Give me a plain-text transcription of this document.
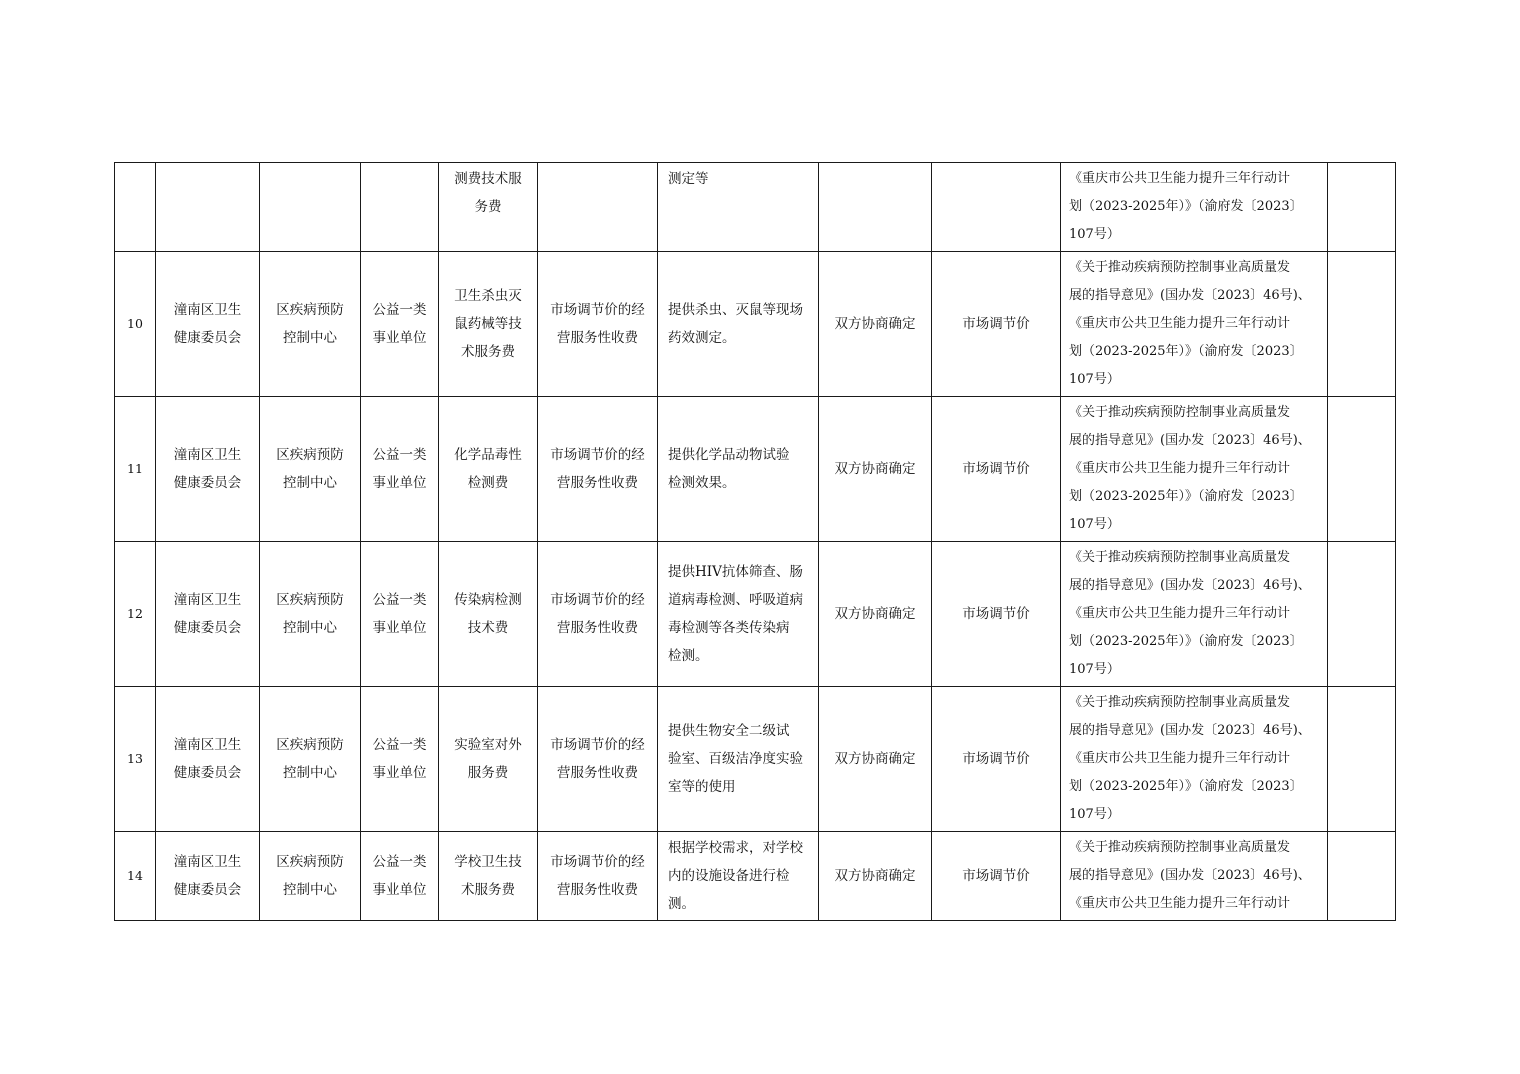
				测费技术服
务费		测定等			《重庆市公共卫生能力提升三年行动计
划（2023-2025年）》（渝府发〔2023〕
107号）	

10	潼南区卫生
健康委员会	区疾病预防
控制中心	公益一类
事业单位	卫生杀虫灭
鼠药械等技
术服务费	市场调节价的经
营服务性收费	提供杀虫、灭鼠等现场
药效测定。	双方协商确定	市场调节价	《关于推动疾病预防控制事业高质量发
展的指导意见》(国办发〔2023〕46号)、
《重庆市公共卫生能力提升三年行动计
划（2023-2025年）》（渝府发〔2023〕
107号）	

11	潼南区卫生
健康委员会	区疾病预防
控制中心	公益一类
事业单位	化学品毒性
检测费	市场调节价的经
营服务性收费	提供化学品动物试验
检测效果。	双方协商确定	市场调节价	《关于推动疾病预防控制事业高质量发
展的指导意见》(国办发〔2023〕46号)、
《重庆市公共卫生能力提升三年行动计
划（2023-2025年）》（渝府发〔2023〕
107号）	

12	潼南区卫生
健康委员会	区疾病预防
控制中心	公益一类
事业单位	传染病检测
技术费	市场调节价的经
营服务性收费	提供HIV抗体筛查、肠
道病毒检测、呼吸道病
毒检测等各类传染病
检测。	双方协商确定	市场调节价	《关于推动疾病预防控制事业高质量发
展的指导意见》(国办发〔2023〕46号)、
《重庆市公共卫生能力提升三年行动计
划（2023-2025年）》（渝府发〔2023〕
107号）	

13	潼南区卫生
健康委员会	区疾病预防
控制中心	公益一类
事业单位	实验室对外
服务费	市场调节价的经
营服务性收费	提供生物安全二级试
验室、百级洁净度实验
室等的使用	双方协商确定	市场调节价	《关于推动疾病预防控制事业高质量发
展的指导意见》(国办发〔2023〕46号)、
《重庆市公共卫生能力提升三年行动计
划（2023-2025年）》（渝府发〔2023〕
107号）	

14	潼南区卫生
健康委员会	区疾病预防
控制中心	公益一类
事业单位	学校卫生技
术服务费	市场调节价的经
营服务性收费	根据学校需求，对学校
内的设施设备进行检
测。	双方协商确定	市场调节价	《关于推动疾病预防控制事业高质量发
展的指导意见》(国办发〔2023〕46号)、
《重庆市公共卫生能力提升三年行动计	
